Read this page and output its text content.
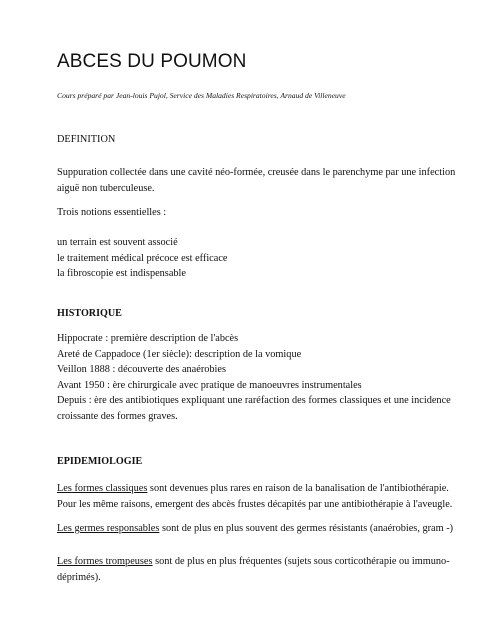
ABCES DU POUMON
Cours préparé par Jean-louis Pujol, Service des Maladies Respiratoires, Arnaud de Villeneuve

DEFINITION

Suppuration collectée dans une cavité néo-formée, creusée dans le parenchyme par une infection

aiguë non tuberculeuse.

Trois notions essentielles :

un terrain est souvent associé

le traitement médical précoce est efficace

la fibroscopie est indispensable

HISTORIQUE

Hippocrate : première description de l'abcès

Areté de Cappadoce (1er siècle): description de la vomique

Veillon 1888 : découverte des anaérobies

Avant 1950 : ère chirurgicale avec pratique de manoeuvres instrumentales

Depuis : ère des antibiotiques expliquant une raréfaction des formes classiques et une incidence

croissante des formes graves.

EPIDEMIOLOGIE

Les formes classiques sont devenues plus rares en raison de la banalisation de l'antibiothérapie.

Pour les même raisons, emergent des abcès frustes décapités par une antibiothérapie à l'aveugle.

Les germes responsables sont de plus en plus souvent des germes résistants (anaérobies, gram -)

Les formes trompeuses sont de plus en plus fréquentes (sujets sous corticothérapie ou immuno-

déprimés).
